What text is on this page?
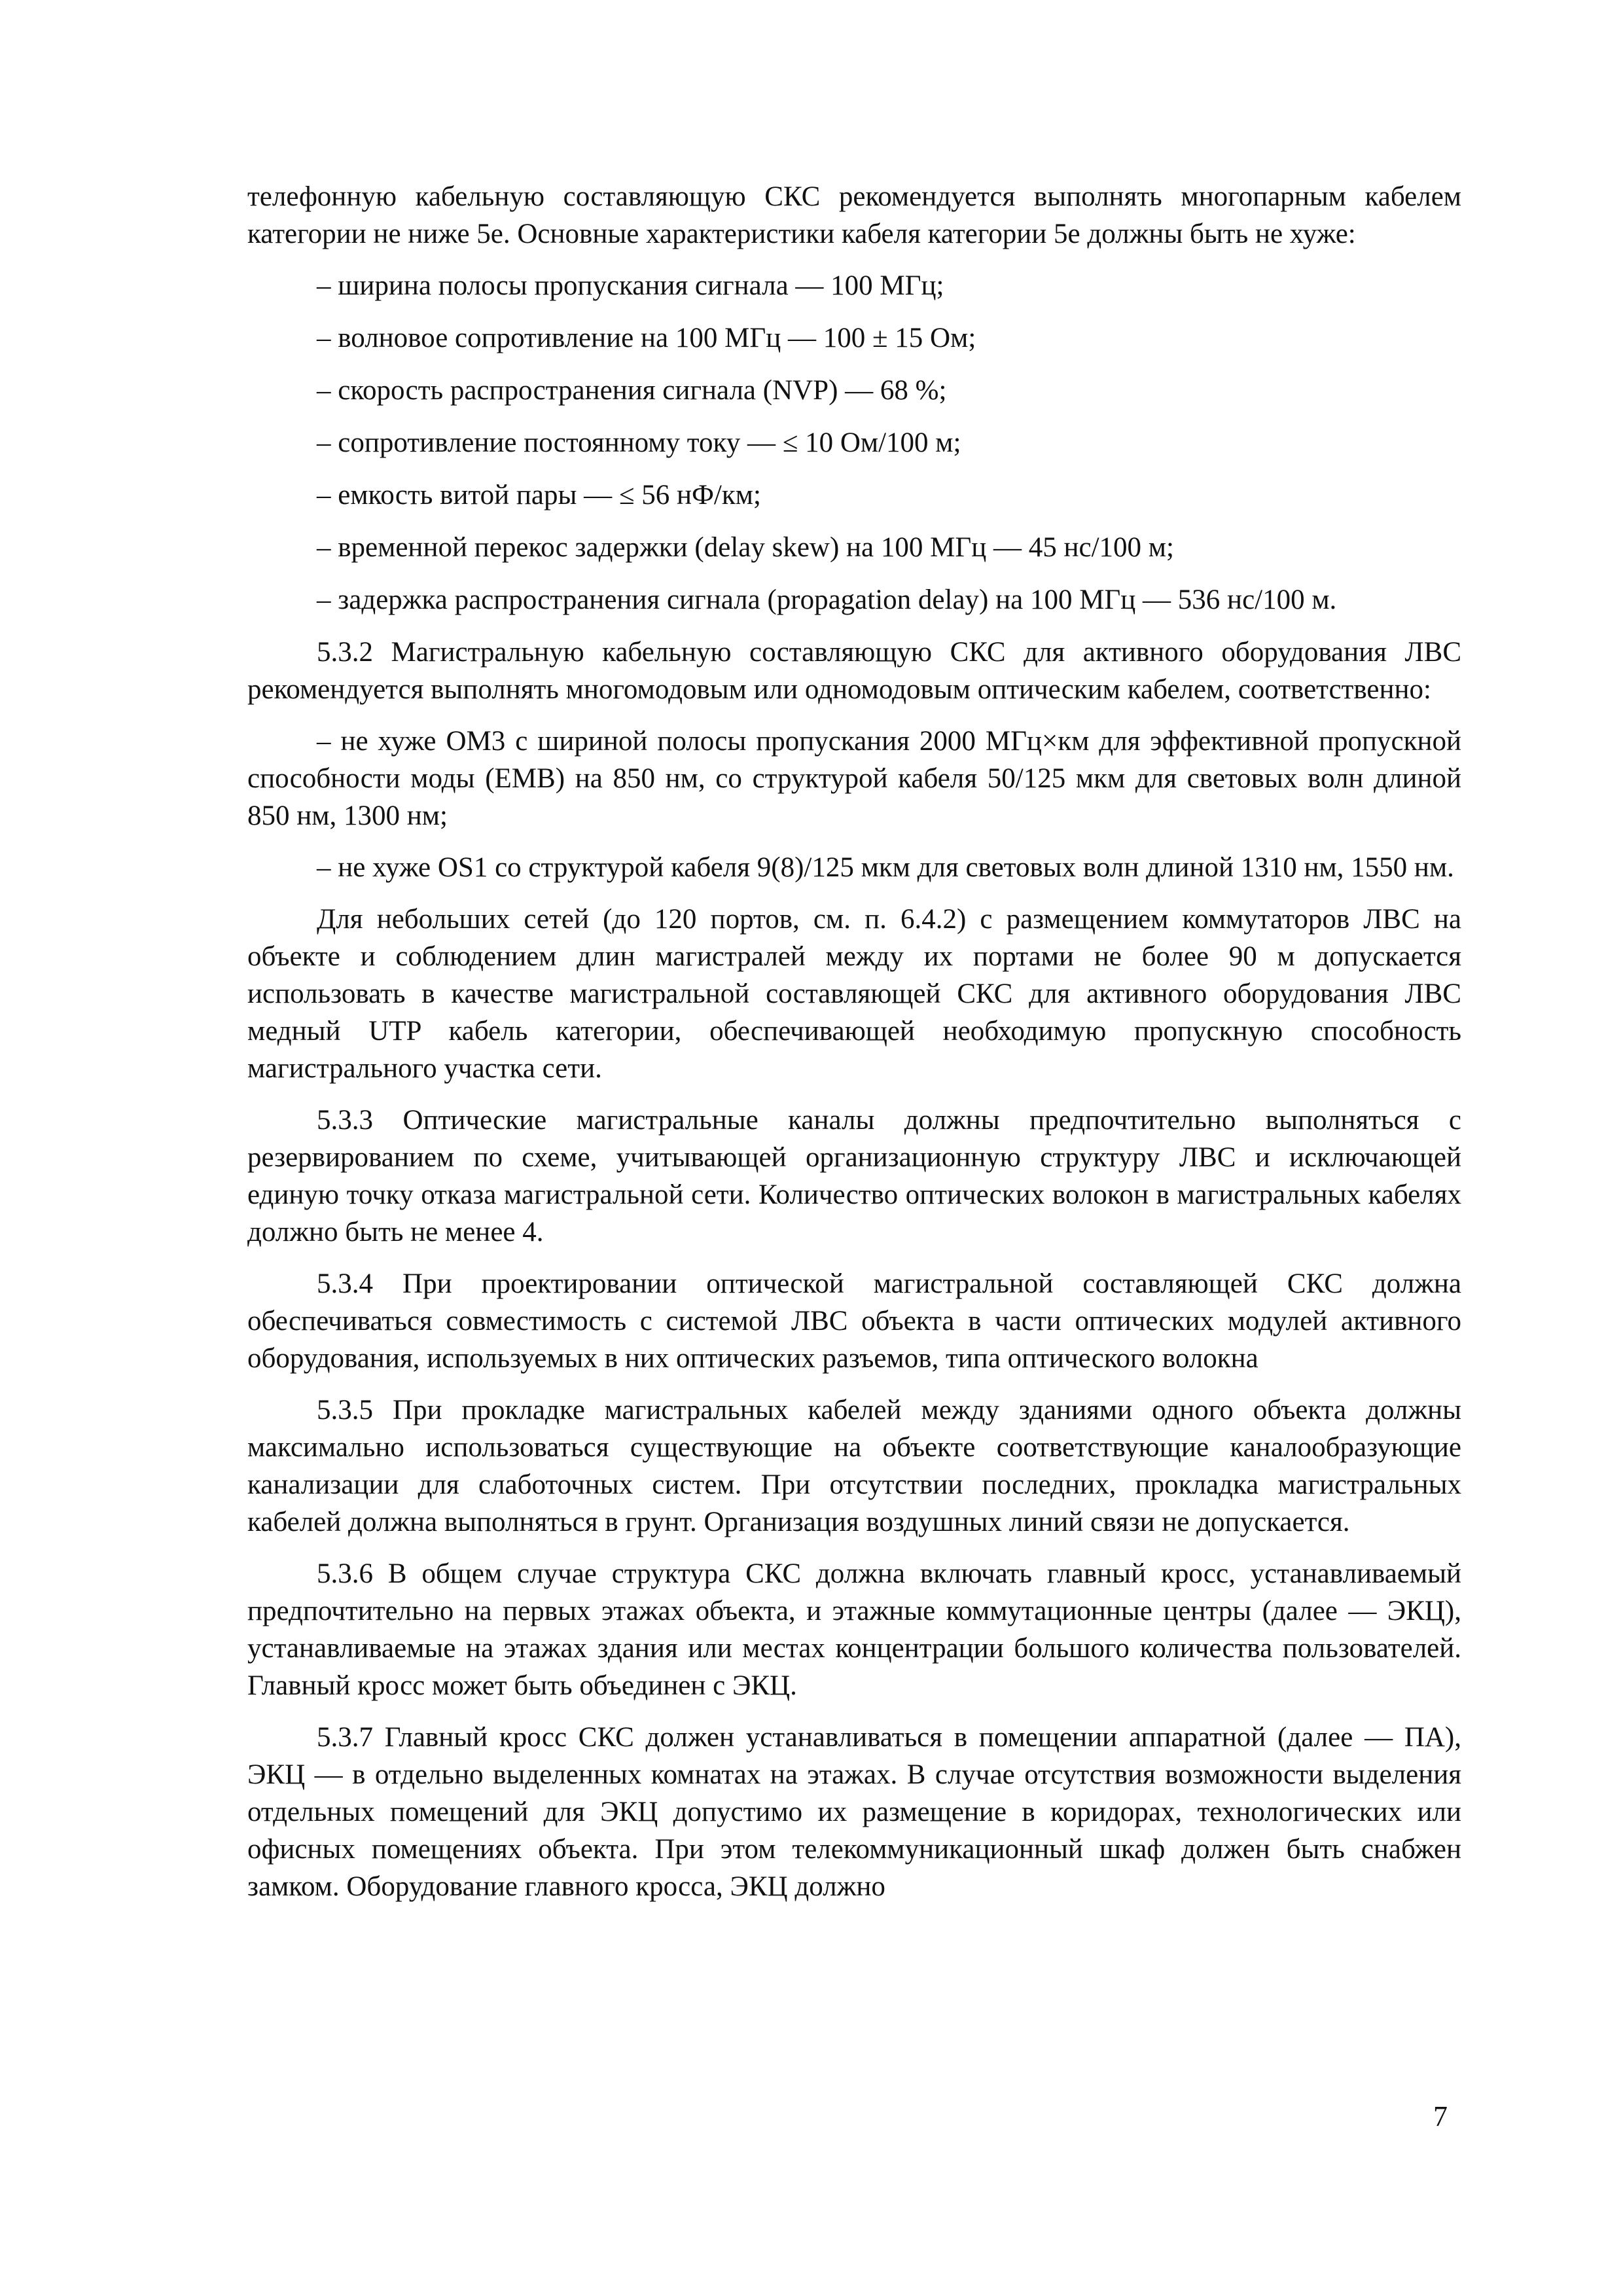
телефонную кабельную составляющую СКС рекомендуется выполнять многопарным кабелем категории не ниже 5е. Основные характеристики кабеля категории 5е должны быть не хуже:

– ширина полосы пропускания сигнала — 100 МГц;
– волновое сопротивление на 100 МГц — 100 ± 15 Ом;
– скорость распространения сигнала (NVP) — 68 %;
– сопротивление постоянному току — ≤ 10 Ом/100 м;
– емкость витой пары — ≤ 56 нФ/км;
– временной перекос задержки (delay skew) на 100 МГц — 45 нс/100 м;
– задержка распространения сигнала (propagation delay) на 100 МГц — 536 нс/100 м.

5.3.2 Магистральную кабельную составляющую СКС для активного оборудования ЛВС рекомендуется выполнять многомодовым или одномодовым оптическим кабелем, соответственно:

– не хуже ОМ3 с шириной полосы пропускания 2000 МГц×км для эффективной пропускной способности моды (ЕМВ) на 850 нм, со структурой кабеля 50/125 мкм для световых волн длиной 850 нм, 1300 нм;
– не хуже OS1 со структурой кабеля 9(8)/125 мкм для световых волн длиной 1310 нм, 1550 нм.

Для небольших сетей (до 120 портов, см. п. 6.4.2) с размещением коммутаторов ЛВС на объекте и соблюдением длин магистралей между их портами не более 90 м допускается использовать в качестве магистральной составляющей СКС для активного оборудования ЛВС медный UTP кабель категории, обеспечивающей необходимую пропускную способность магистрального участка сети.

5.3.3 Оптические магистральные каналы должны предпочтительно выполняться с резервированием по схеме, учитывающей организационную структуру ЛВС и исключающей единую точку отказа магистральной сети. Количество оптических волокон в магистральных кабелях должно быть не менее 4.

5.3.4 При проектировании оптической магистральной составляющей СКС должна обеспечиваться совместимость с системой ЛВС объекта в части оптических модулей активного оборудования, используемых в них оптических разъемов, типа оптического волокна

5.3.5 При прокладке магистральных кабелей между зданиями одного объекта должны максимально использоваться существующие на объекте соответствующие каналообразующие канализации для слаботочных систем. При отсутствии последних, прокладка магистральных кабелей должна выполняться в грунт. Организация воздушных линий связи не допускается.

5.3.6 В общем случае структура СКС должна включать главный кросс, устанавливаемый предпочтительно на первых этажах объекта, и этажные коммутационные центры (далее — ЭКЦ), устанавливаемые на этажах здания или местах концентрации большого количества пользователей. Главный кросс может быть объединен с ЭКЦ.

5.3.7 Главный кросс СКС должен устанавливаться в помещении аппаратной (далее — ПА), ЭКЦ — в отдельно выделенных комнатах на этажах. В случае отсутствия возможности выделения отдельных помещений для ЭКЦ допустимо их размещение в коридорах, технологических или офисных помещениях объекта. При этом телекоммуникационный шкаф должен быть снабжен замком. Оборудование главного кросса, ЭКЦ должно

7
